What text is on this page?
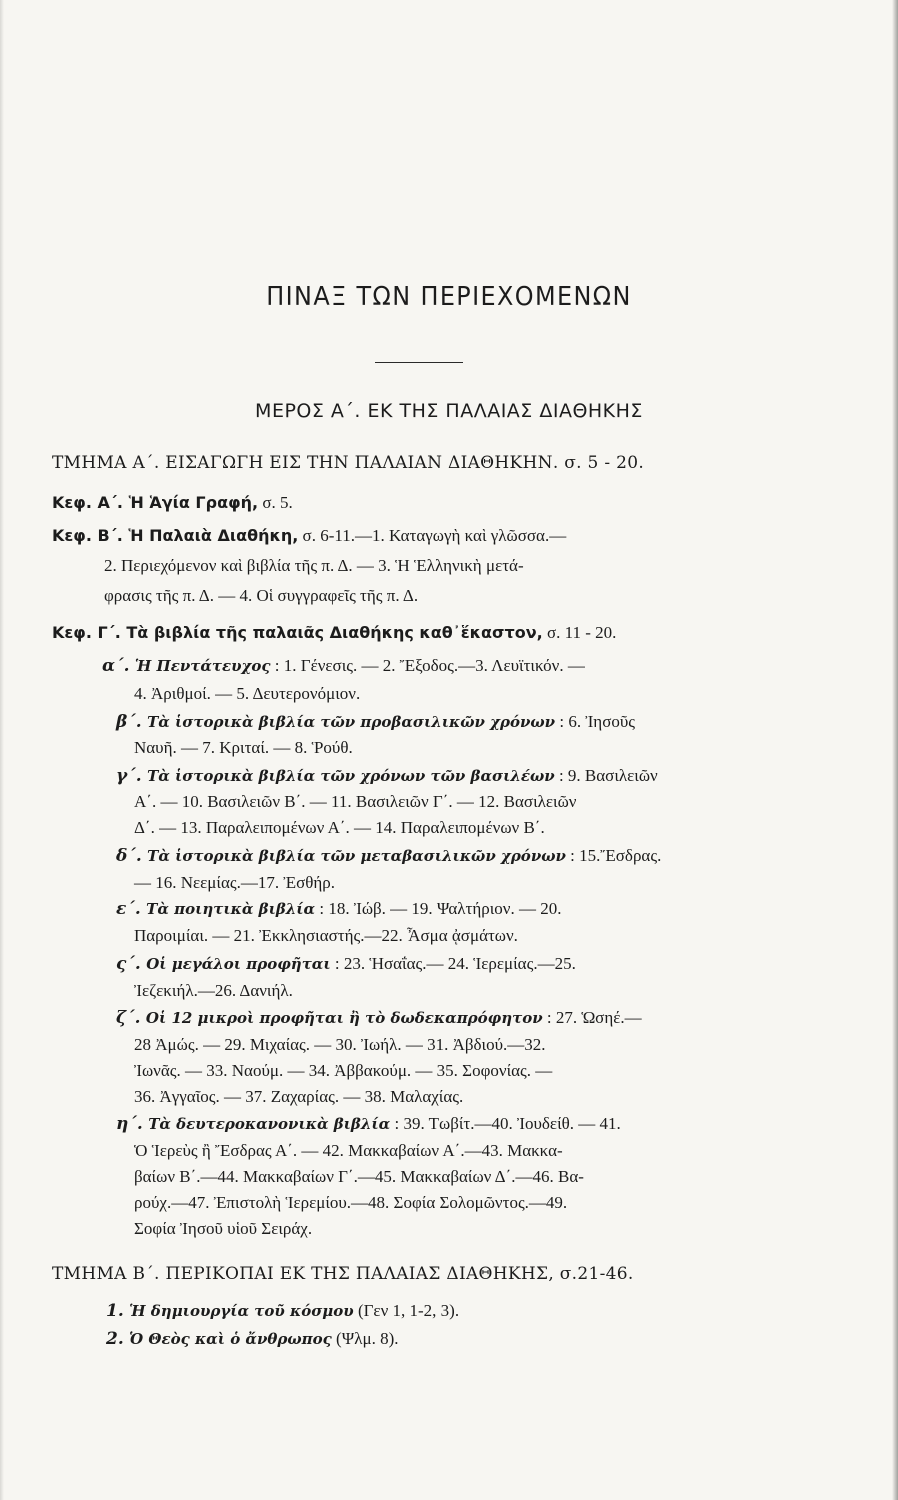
ΠΙΝΑΞ ΤΩΝ ΠΕΡΙΕΧΟΜΕΝΩΝ
ΜΕΡΟΣ Α΄. ΕΚ ΤΗΣ ΠΑΛΑΙΑΣ ΔΙΑΘΗΚΗΣ
ΤΜΗΜΑ Α΄. ΕΙΣΑΓΩΓΗ ΕΙΣ ΤΗΝ ΠΑΛΑΙΑΝ ΔΙΑΘΗΚΗΝ. σ. 5 - 20.
Κεφ. Α΄. Ἡ Ἁγία Γραφή, σ. 5.
Κεφ. Β΄. Ἡ Παλαιὰ Διαθήκη, σ. 6-11.—1. Καταγωγὴ καὶ γλῶσσα.—
2. Περιεχόμενον καὶ βιβλία τῆς π. Δ. — 3. Ἡ Ἑλληνικὴ μετά-
φρασις τῆς π. Δ. — 4. Οἱ συγγραφεῖς τῆς π. Δ.
Κεφ. Γ΄. Τὰ βιβλία τῆς παλαιᾶς Διαθήκης καθ᾽ἕκαστον, σ. 11 - 20.
α΄. Ἡ Πεντάτευχος : 1. Γένεσις. — 2. Ἔξοδος.—3. Λευϊτικόν. —
4. Ἀριθμοί. — 5. Δευτερονόμιον.
β΄. Τὰ ἱστορικὰ βιβλία τῶν προβασιλικῶν χρόνων : 6. Ἰησοῦς
Ναυῆ. — 7. Κριταί. — 8. Ῥούθ.
γ΄. Τὰ ἱστορικὰ βιβλία τῶν χρόνων τῶν βασιλέων : 9. Βασιλειῶν
Α΄. — 10. Βασιλειῶν Β΄. — 11. Βασιλειῶν Γ΄. — 12. Βασιλειῶν
Δ΄. — 13. Παραλειπομένων Α΄. — 14. Παραλειπομένων Β΄.
δ΄. Τὰ ἱστορικὰ βιβλία τῶν μεταβασιλικῶν χρόνων : 15.Ἔσδρας.
— 16. Νεεμίας.—17. Ἐσθήρ.
ε΄. Τὰ ποιητικὰ βιβλία : 18. Ἰώβ. — 19. Ψαλτήριον. — 20.
Παροιμίαι. — 21. Ἐκκλησιαστής.—22. Ἆσμα ᾀσμάτων.
ς΄. Οἱ μεγάλοι προφῆται : 23. Ἡσαΐας.— 24. Ἱερεμίας.—25.
Ἰεζεκιήλ.—26. Δανιήλ.
ζ΄. Οἱ 12 μικροὶ προφῆται ἢ τὸ δωδεκαπρόφητον : 27. Ὡσηέ.—
28 Ἀμώς. — 29. Μιχαίας. — 30. Ἰωήλ. — 31. Ἀβδιού.—32.
Ἰωνᾶς. — 33. Ναούμ. — 34. Ἀββακούμ. — 35. Σοφονίας. —
36. Ἀγγαῖος. — 37. Ζαχαρίας. — 38. Μαλαχίας.
η΄. Τὰ δευτεροκανονικὰ βιβλία : 39. Τωβίτ.—40. Ἰουδείθ. — 41.
Ὁ Ἱερεὺς ἢ Ἔσδρας Α΄. — 42. Μακκαβαίων Α΄.—43. Μακκα-
βαίων Β΄.—44. Μακκαβαίων Γ΄.—45. Μακκαβαίων Δ΄.—46. Βα-
ρούχ.—47. Ἐπιστολὴ Ἱερεμίου.—48. Σοφία Σολομῶντος.—49.
Σοφία Ἰησοῦ υἱοῦ Σειράχ.
ΤΜΗΜΑ Β΄. ΠΕΡΙΚΟΠΑΙ ΕΚ ΤΗΣ ΠΑΛΑΙΑΣ ΔΙΑΘΗΚΗΣ, σ.21-46.
1. Ἡ δημιουργία τοῦ κόσμου (Γεν 1, 1-2, 3).
2. Ὁ Θεὸς καὶ ὁ ἄνθρωπος (Ψλμ. 8).
